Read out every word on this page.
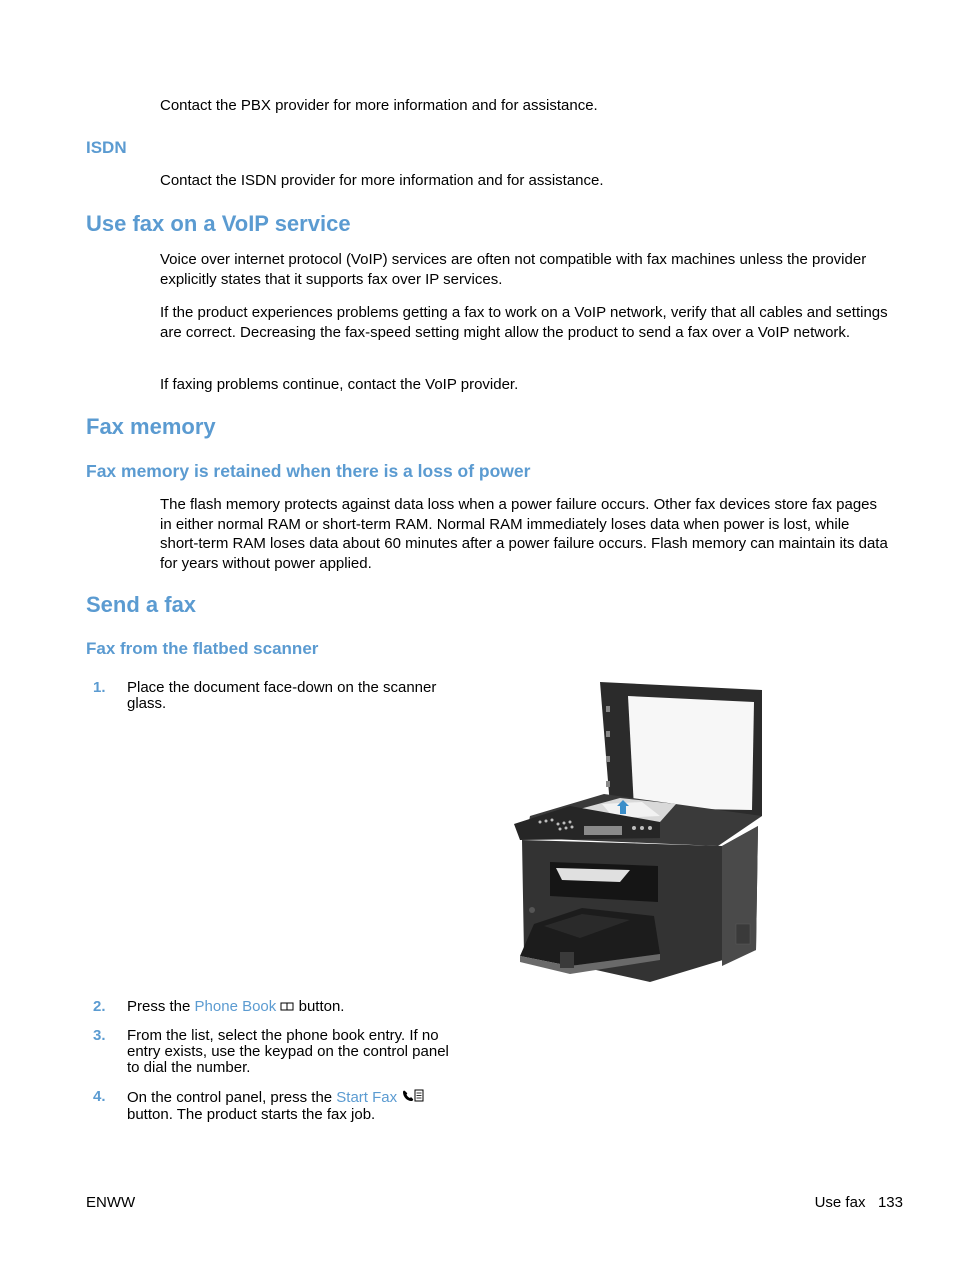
Contact the PBX provider for more information and for assistance.

ISDN

Contact the ISDN provider for more information and for assistance.

Use fax on a VoIP service

Voice over internet protocol (VoIP) services are often not compatible with fax machines unless the provider explicitly states that it supports fax over IP services.

If the product experiences problems getting a fax to work on a VoIP network, verify that all cables and settings are correct. Decreasing the fax-speed setting might allow the product to send a fax over a VoIP network.

If faxing problems continue, contact the VoIP provider.

Fax memory
Fax memory is retained when there is a loss of power

The flash memory protects against data loss when a power failure occurs. Other fax devices store fax pages in either normal RAM or short-term RAM. Normal RAM immediately loses data when power is lost, while short-term RAM loses data about 60 minutes after a power failure occurs. Flash memory can maintain its data for years without power applied.

Send a fax
Fax from the flatbed scanner
1. Place the document face-down on the scanner glass.

2. Press the Phone Book  button.

3. From the list, select the phone book entry. If no entry exists, use the keypad on the control panel to dial the number.

4. On the control panel, press the Start Fax  button. The product starts the fax job.

ENWW	Use fax 133
